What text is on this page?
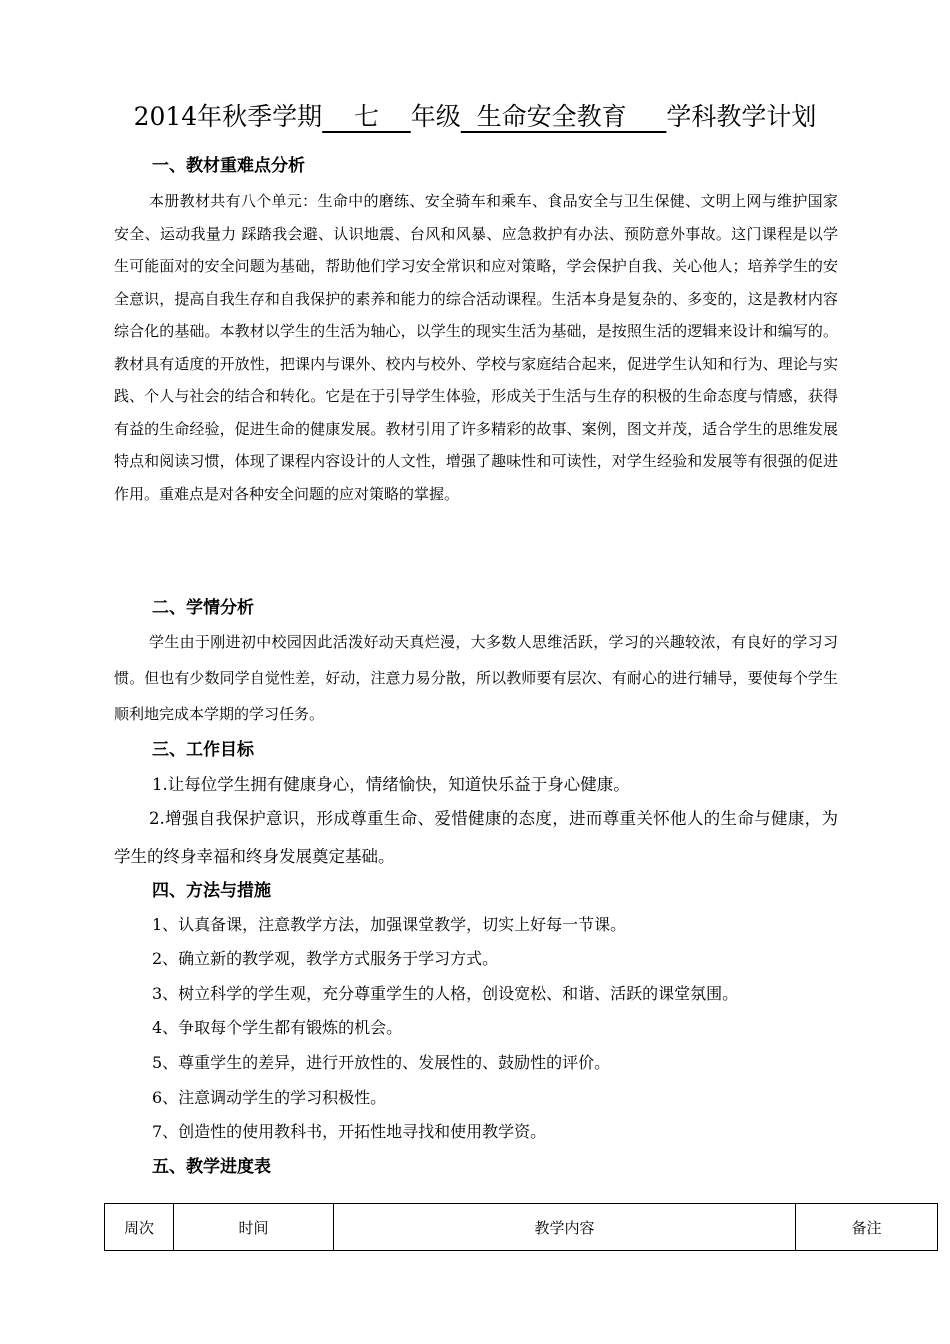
2014年秋季学期    七    年级  生命安全教育     学科教学计划
一、教材重难点分析
本册教材共有八个单元：生命中的磨练、安全骑车和乘车、食品安全与卫生保健、文明上网与维护国家安全、运动我量力 踩踏我会避、认识地震、台风和风暴、应急救护有办法、预防意外事故。这门课程是以学生可能面对的安全问题为基础，帮助他们学习安全常识和应对策略，学会保护自我、关心他人；培养学生的安全意识，提高自我生存和自我保护的素养和能力的综合活动课程。生活本身是复杂的、多变的，这是教材内容综合化的基础。本教材以学生的生活为轴心，以学生的现实生活为基础，是按照生活的逻辑来设计和编写的。教材具有适度的开放性，把课内与课外、校内与校外、学校与家庭结合起来，促进学生认知和行为、理论与实践、个人与社会的结合和转化。它是在于引导学生体验，形成关于生活与生存的积极的生命态度与情感，获得有益的生命经验，促进生命的健康发展。教材引用了许多精彩的故事、案例，图文并茂，适合学生的思维发展特点和阅读习惯，体现了课程内容设计的人文性，增强了趣味性和可读性，对学生经验和发展等有很强的促进作用。重难点是对各种安全问题的应对策略的掌握。
二、学情分析
学生由于刚进初中校园因此活泼好动天真烂漫，大多数人思维活跃，学习的兴趣较浓，有良好的学习习惯。但也有少数同学自觉性差，好动，注意力易分散，所以教师要有层次、有耐心的进行辅导，要使每个学生顺利地完成本学期的学习任务。
三、工作目标
1.让每位学生拥有健康身心，情绪愉快，知道快乐益于身心健康。
2.增强自我保护意识，形成尊重生命、爱惜健康的态度，进而尊重关怀他人的生命与健康，为学生的终身幸福和终身发展奠定基础。
四、方法与措施
1、认真备课，注意教学方法，加强课堂教学，切实上好每一节课。
2、确立新的教学观，教学方式服务于学习方式。
3、树立科学的学生观，充分尊重学生的人格，创设宽松、和谐、活跃的课堂氛围。
4、争取每个学生都有锻炼的机会。
5、尊重学生的差异，进行开放性的、发展性的、鼓励性的评价。
6、注意调动学生的学习积极性。
7、创造性的使用教科书，开拓性地寻找和使用教学资。
五、教学进度表
周次	时间	教学内容	备注
